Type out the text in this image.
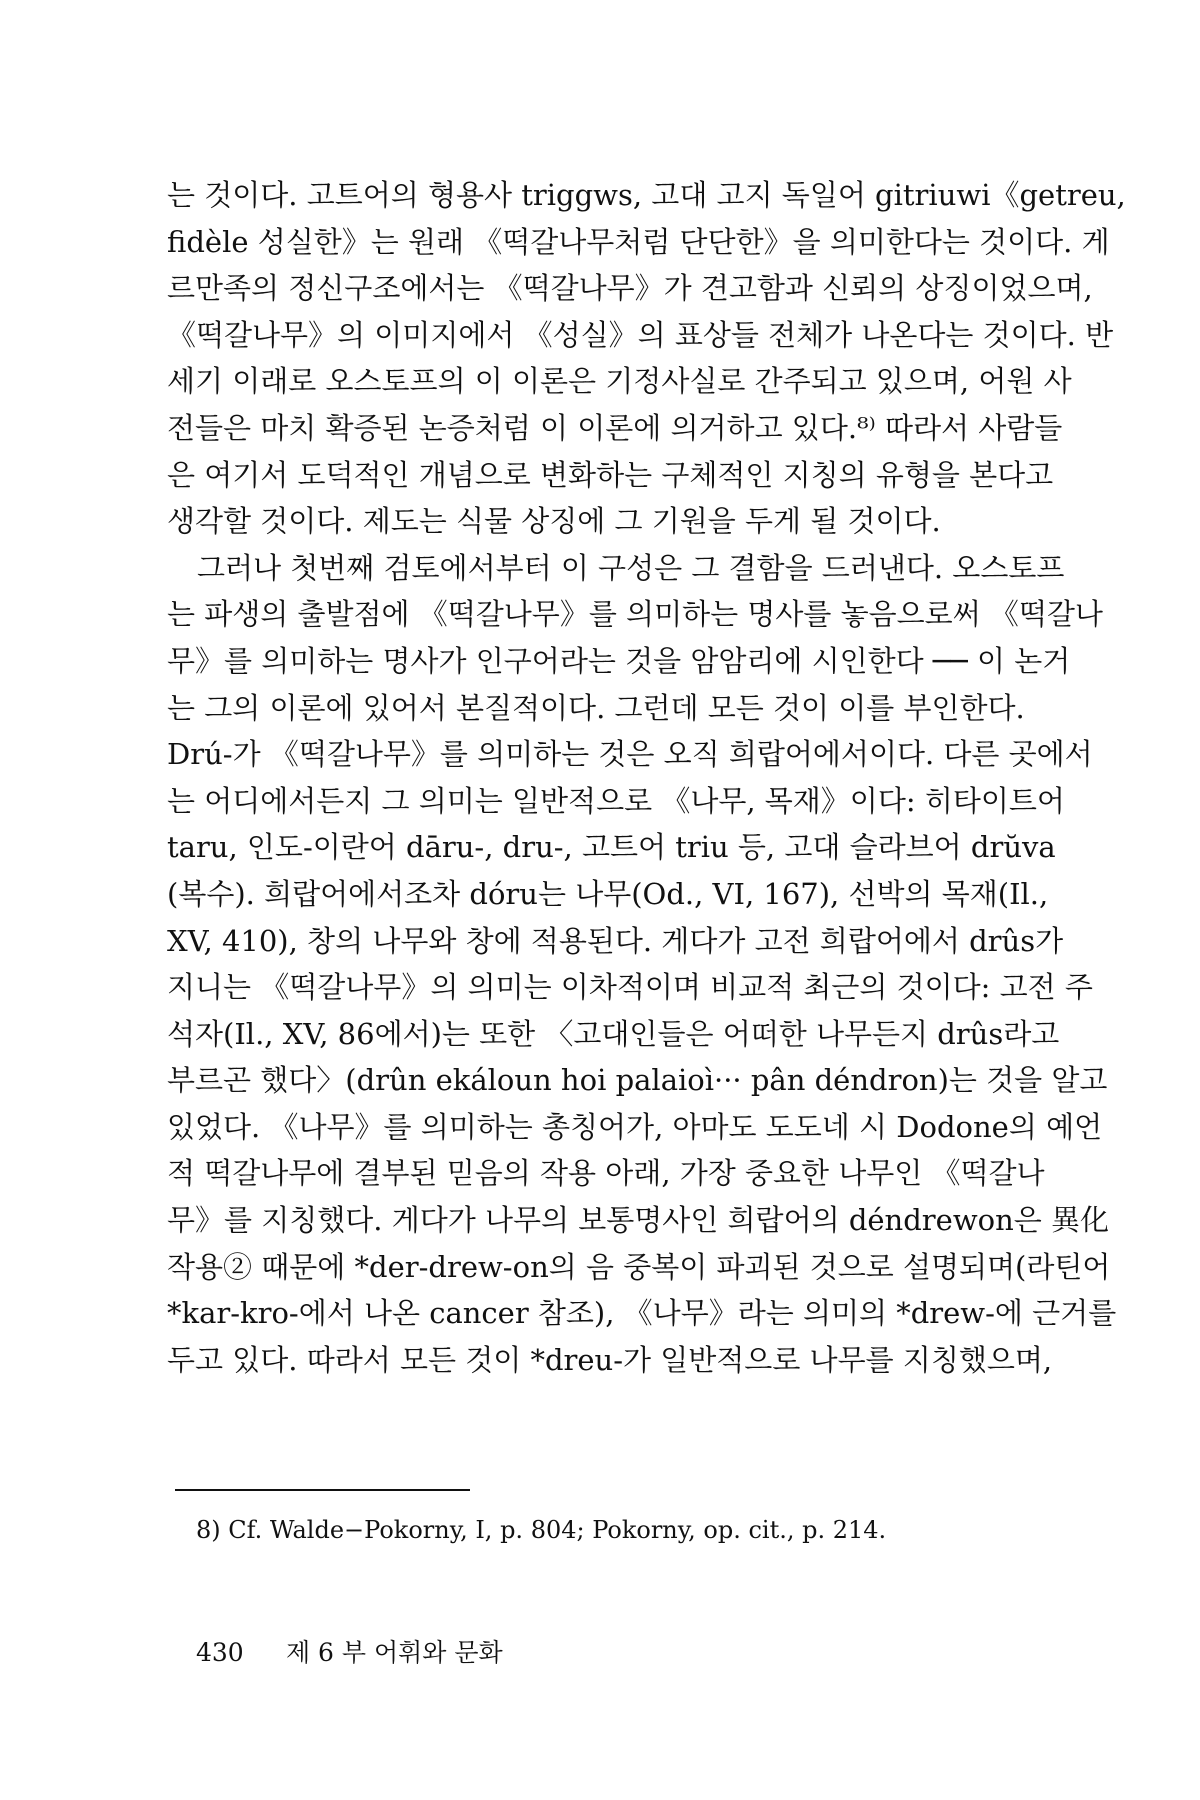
는 것이다. 고트어의 형용사 triggws, 고대 고지 독일어 gitriuwi《getreu,
fidèle 성실한》는 원래 《떡갈나무처럼 단단한》을 의미한다는 것이다. 게
르만족의 정신구조에서는 《떡갈나무》가 견고함과 신뢰의 상징이었으며,
《떡갈나무》의 이미지에서 《성실》의 표상들 전체가 나온다는 것이다. 반
세기 이래로 오스토프의 이 이론은 기정사실로 간주되고 있으며, 어원 사
전들은 마치 확증된 논증처럼 이 이론에 의거하고 있다.⁸⁾ 따라서 사람들
은 여기서 도덕적인 개념으로 변화하는 구체적인 지칭의 유형을 본다고
생각할 것이다. 제도는 식물 상징에 그 기원을 두게 될 것이다.
그러나 첫번째 검토에서부터 이 구성은 그 결함을 드러낸다. 오스토프
는 파생의 출발점에 《떡갈나무》를 의미하는 명사를 놓음으로써 《떡갈나
무》를 의미하는 명사가 인구어라는 것을 암암리에 시인한다 ── 이 논거
는 그의 이론에 있어서 본질적이다. 그런데 모든 것이 이를 부인한다.
Drú-가 《떡갈나무》를 의미하는 것은 오직 희랍어에서이다. 다른 곳에서
는 어디에서든지 그 의미는 일반적으로 《나무, 목재》이다: 히타이트어
taru, 인도-이란어 dāru-, dru-, 고트어 triu 등, 고대 슬라브어 drŭva
(복수). 희랍어에서조차 dóru는 나무(Od., VI, 167), 선박의 목재(Il.,
XV, 410), 창의 나무와 창에 적용된다. 게다가 고전 희랍어에서 drûs가
지니는 《떡갈나무》의 의미는 이차적이며 비교적 최근의 것이다: 고전 주
석자(Il., XV, 86에서)는 또한 〈고대인들은 어떠한 나무든지 drûs라고
부르곤 했다〉(drûn ekáloun hoi palaioì··· pân déndron)는 것을 알고
있었다. 《나무》를 의미하는 총칭어가, 아마도 도도네 시 Dodone의 예언
적 떡갈나무에 결부된 믿음의 작용 아래, 가장 중요한 나무인 《떡갈나
무》를 지칭했다. 게다가 나무의 보통명사인 희랍어의 déndrewon은 異化
작용② 때문에 *der-drew-on의 음 중복이 파괴된 것으로 설명되며(라틴어
*kar-kro-에서 나온 cancer 참조), 《나무》라는 의미의 *drew-에 근거를
두고 있다. 따라서 모든 것이 *dreu-가 일반적으로 나무를 지칭했으며,
8) Cf. Walde−Pokorny, I, p. 804; Pokorny, op. cit., p. 214.
430 제 6 부 어휘와 문화
